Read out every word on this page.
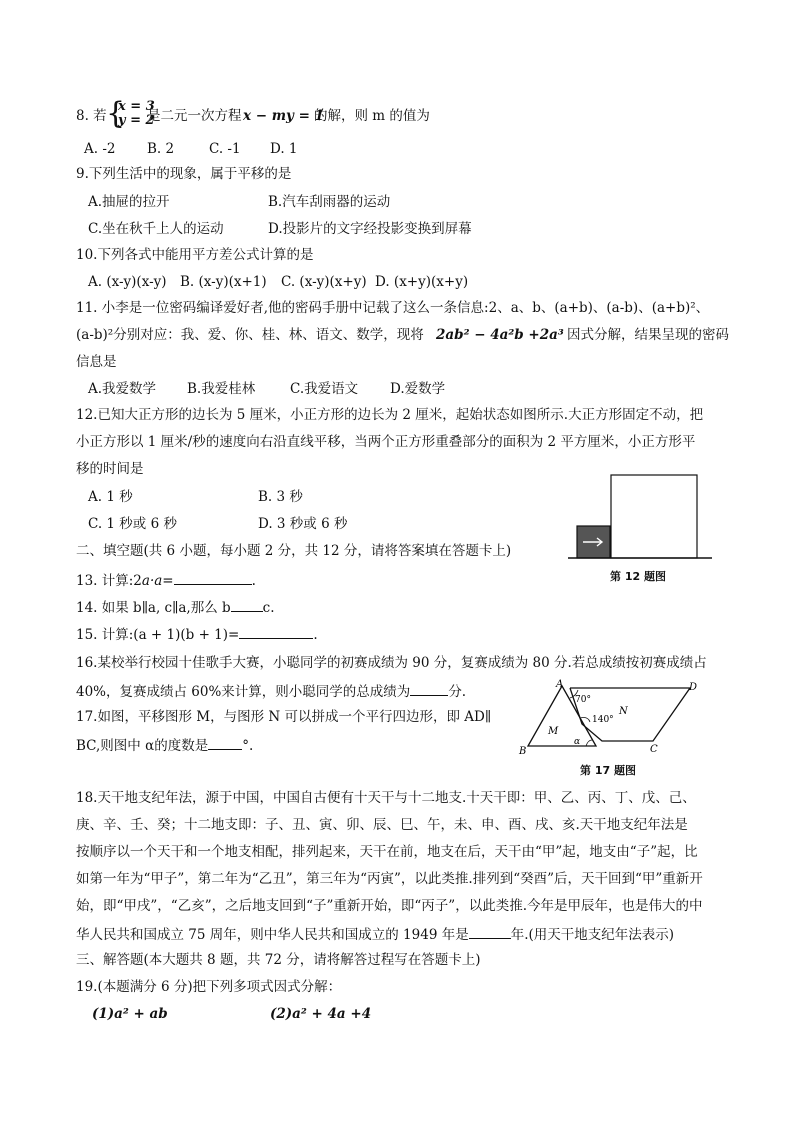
8. 若 {
x = 3
y = 2
是二元一次方程 x − my = 1
的解，则 m 的值为
A. -2 B. 2	C. -1 D. 1
9.下列生活中的现象，属于平移的是
A.抽屉的拉开	B.汽车刮雨器的运动
C.坐在秋千上人的运动	D.投影片的文字经投影变换到屏幕
10.下列各式中能用平方差公式计算的是
A. (x-y)(x-y) B. (x-y)(x+1) C. (x-y)(x+y) D. (x+y)(x+y)
11. 小李是一位密码编译爱好者,他的密码手册中记载了这么一条信息:2、a、b、(a+b)、(a-b)、(a+b)²、
(a-b)²分别对应：我、爱、你、桂、林、语文、数学，现将 2ab² − 4a²b +2a³ 因式分解，结果呈现的密码
信息是
A.我爱数学 B.我爱桂林	C.我爱语文 D.爱数学
12.已知大正方形的边长为 5 厘米，小正方形的边长为 2 厘米，起始状态如图所示.大正方形固定不动，把
小正方形以 1 厘米/秒的速度向右沿直线平移，当两个正方形重叠部分的面积为 2 平方厘米，小正方形平
移的时间是
A. 1 秒	B. 3 秒
C. 1 秒或 6 秒	D. 3 秒或 6 秒
第 12 题图
二、填空题(共 6 小题，每小题 2 分，共 12 分，请将答案填在答题卡上)
13. 计算:2a·a=	.
14. 如果 b∥a, c∥a,那么 b c.
15. 计算:(a + 1)(b + 1)=	.
16.某校举行校园十佳歌手大赛，小聪同学的初赛成绩为 90 分，复赛成绩为 80 分.若总成绩按初赛成绩占
40%，复赛成绩占 60%来计算，则小聪同学的总成绩为	分.
17.如图，平移图形 M，与图形 N 可以拼成一个平行四边形，即 AD∥
BC,则图中 α的度数是	°.
A
B	C
D
M
N
α
70°
140°
第 17 题图
18.天干地支纪年法，源于中国，中国自古便有十天干与十二地支.十天干即：甲、乙、丙、丁、戊、己、
庚、辛、壬、癸；十二地支即：子、丑、寅、卯、辰、巳、午，未、申、酉、戌、亥.天干地支纪年法是
按顺序以一个天干和一个地支相配，排列起来，天干在前，地支在后，天干由“甲”起，地支由“子”起，比
如第一年为“甲子”，第二年为“乙丑”，第三年为“丙寅”，以此类推.排列到“癸酉”后，天干回到“甲”重新开
始，即“甲戌”，“乙亥”，之后地支回到“子”重新开始，即“丙子”，以此类推.今年是甲辰年，也是伟大的中
华人民共和国成立 75 周年，则中华人民共和国成立的 1949 年是	年.(用天干地支纪年法表示)
三、解答题(本大题共 8 题，共 72 分，请将解答过程写在答题卡上)
19.(本题满分 6 分)把下列多项式因式分解：
(1)a² + ab	(2)a² + 4a +4
